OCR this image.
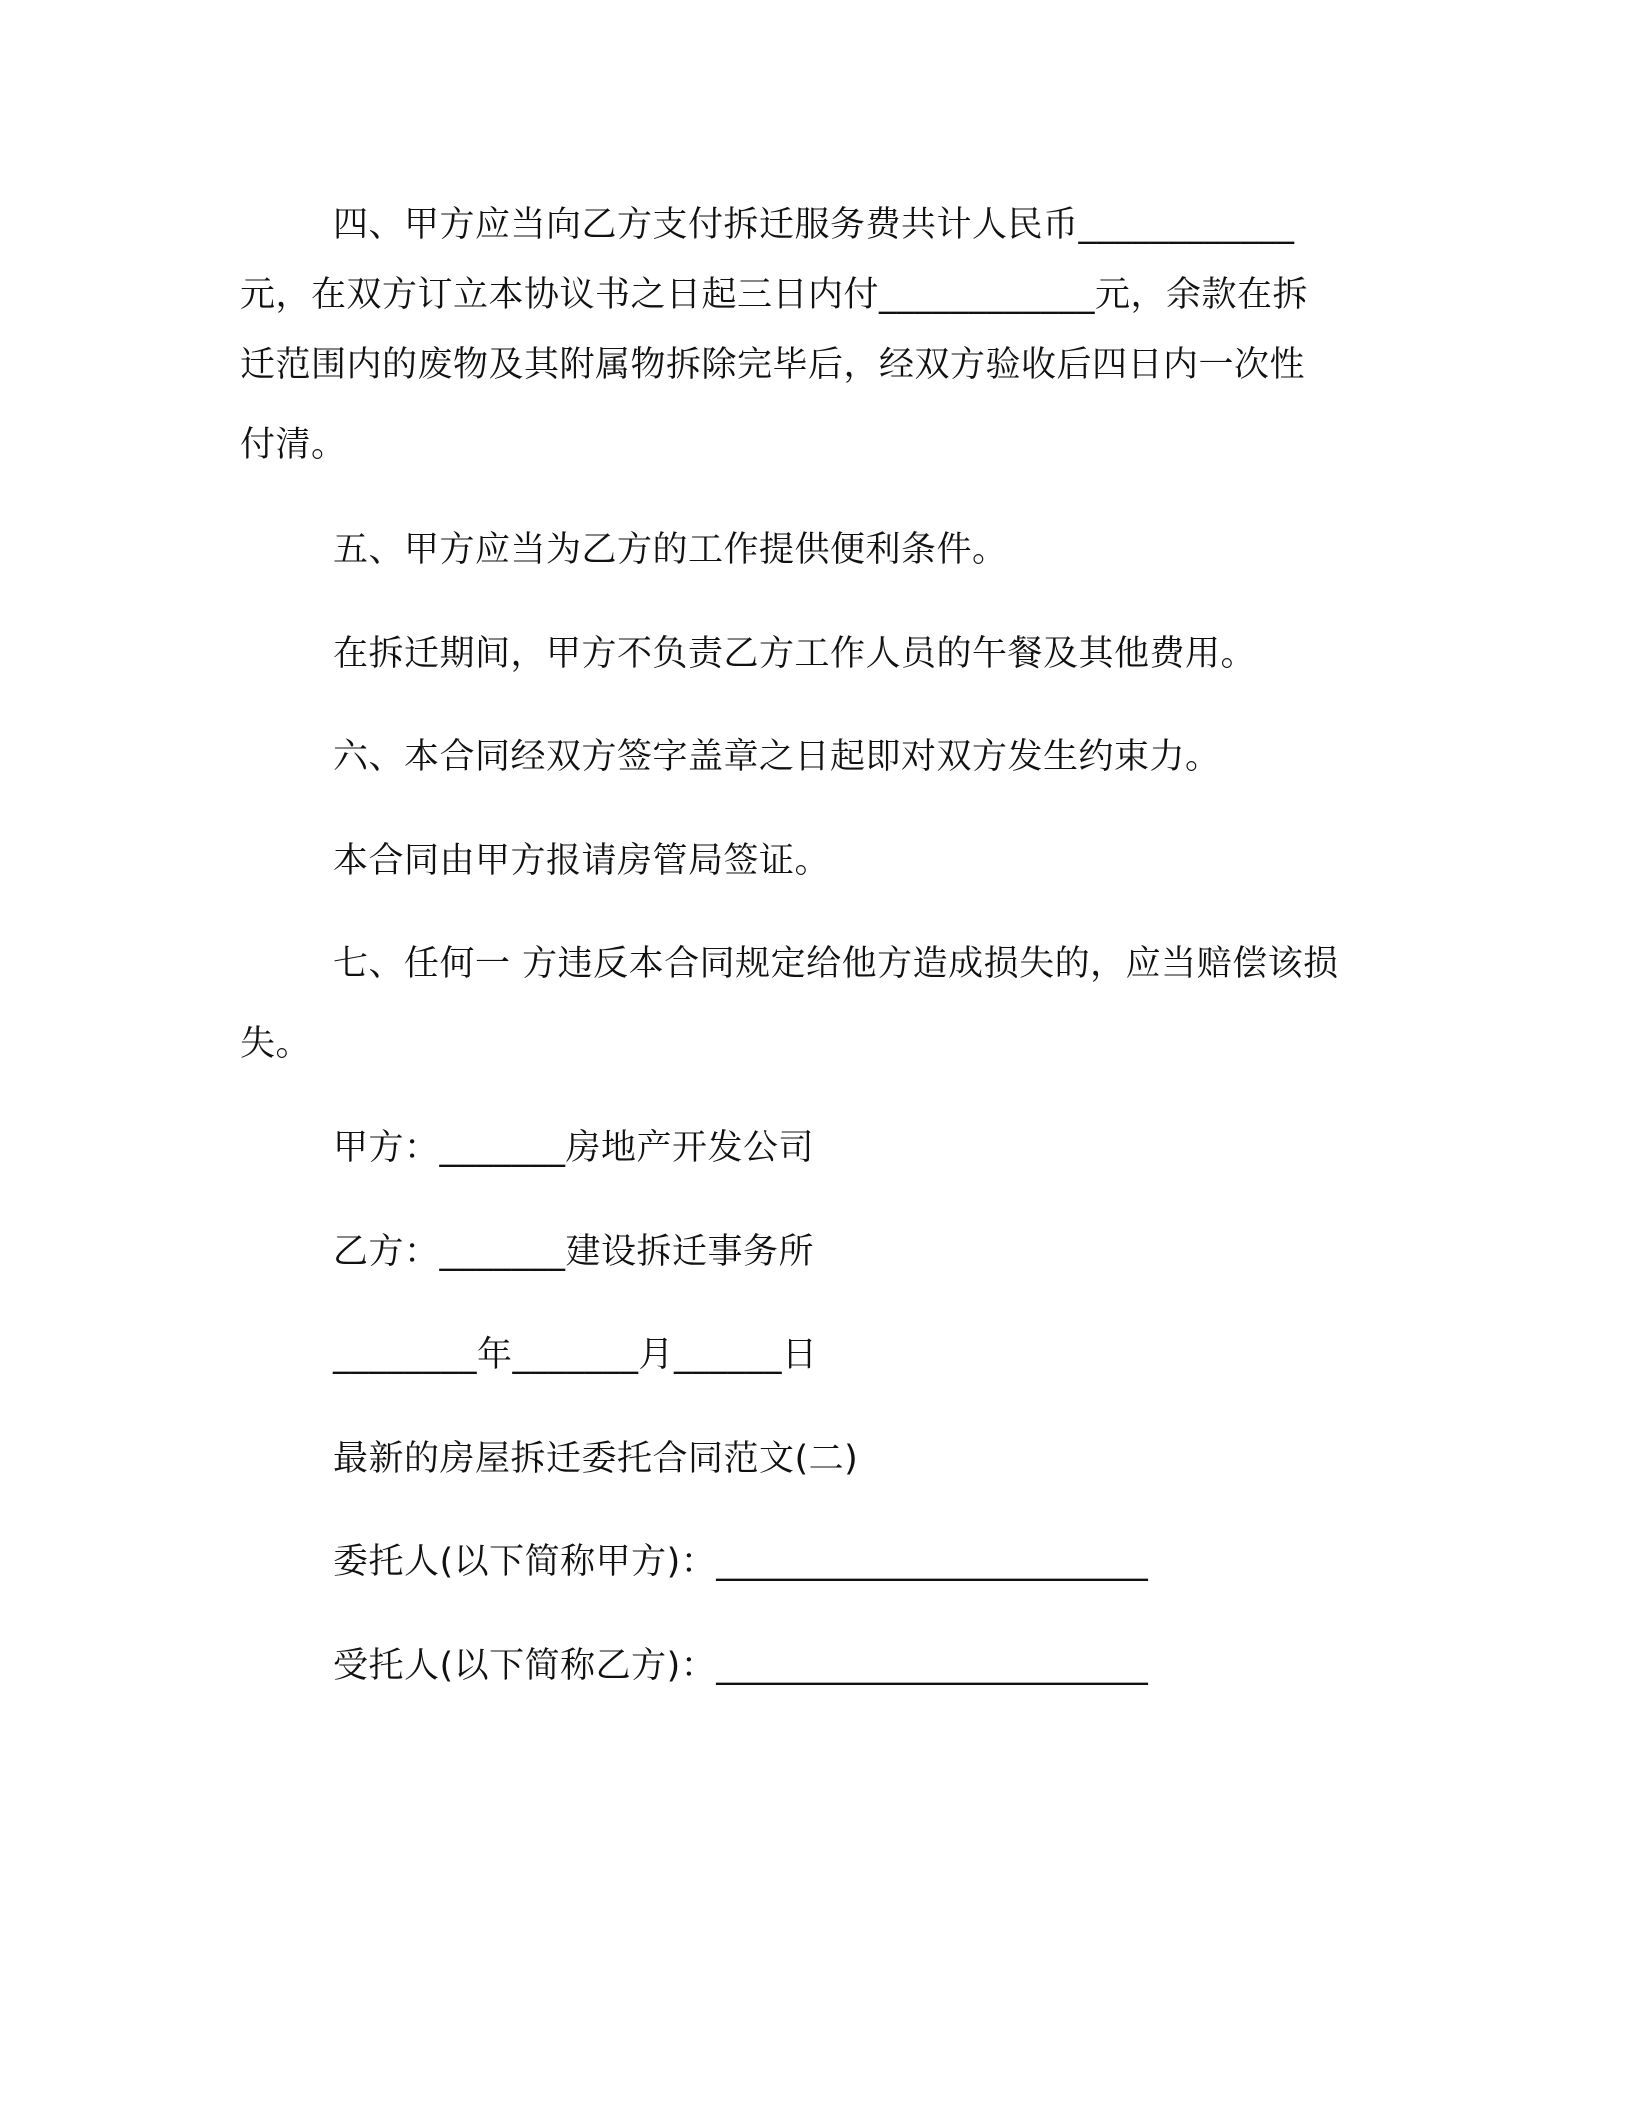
四、甲方应当向乙方支付拆迁服务费共计人民币____________
元，在双方订立本协议书之日起三日内付____________元，余款在拆
迁范围内的废物及其附属物拆除完毕后，经双方验收后四日内一次性
付清。
五、甲方应当为乙方的工作提供便利条件。
在拆迁期间，甲方不负责乙方工作人员的午餐及其他费用。
六、本合同经双方签字盖章之日起即对双方发生约束力。
本合同由甲方报请房管局签证。
七、任何一 方违反本合同规定给他方造成损失的，应当赔偿该损
失。
甲方：_______房地产开发公司
乙方：_______建设拆迁事务所
________年_______月______日
最新的房屋拆迁委托合同范文(二)
委托人(以下简称甲方)：________________________
受托人(以下简称乙方)：________________________
